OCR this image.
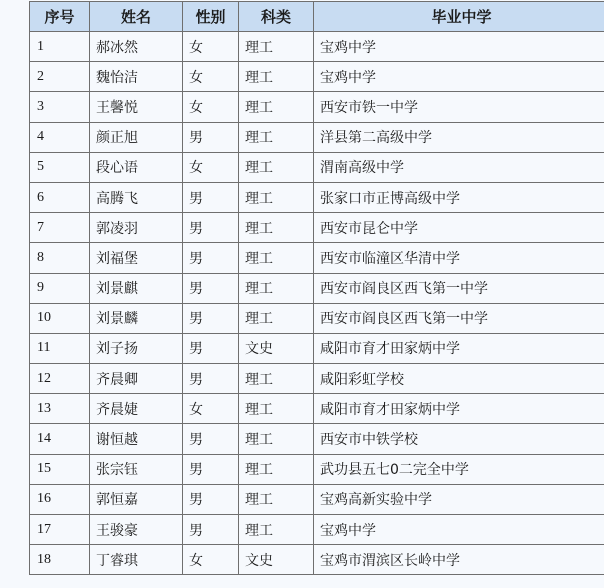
序号	姓名	性别	科类	毕业中学
1	郝冰然	女	理工	宝鸡中学
2	魏怡洁	女	理工	宝鸡中学
3	王馨悦	女	理工	西安市铁一中学
4	颜正旭	男	理工	洋县第二高级中学
5	段心语	女	理工	渭南高级中学
6	高腾飞	男	理工	张家口市正博高级中学
7	郭凌羽	男	理工	西安市昆仑中学
8	刘福堡	男	理工	西安市临潼区华清中学
9	刘景麒	男	理工	西安市阎良区西飞第一中学
10	刘景麟	男	理工	西安市阎良区西飞第一中学
11	刘子扬	男	文史	咸阳市育才田家炳中学
12	齐晨卿	男	理工	咸阳彩虹学校
13	齐晨婕	女	理工	咸阳市育才田家炳中学
14	谢恒越	男	理工	西安市中铁学校
15	张宗钰	男	理工	武功县五七0二完全中学
16	郭恒嘉	男	理工	宝鸡高新实验中学
17	王骏豪	男	理工	宝鸡中学
18	丁睿琪	女	文史	宝鸡市渭滨区长岭中学
